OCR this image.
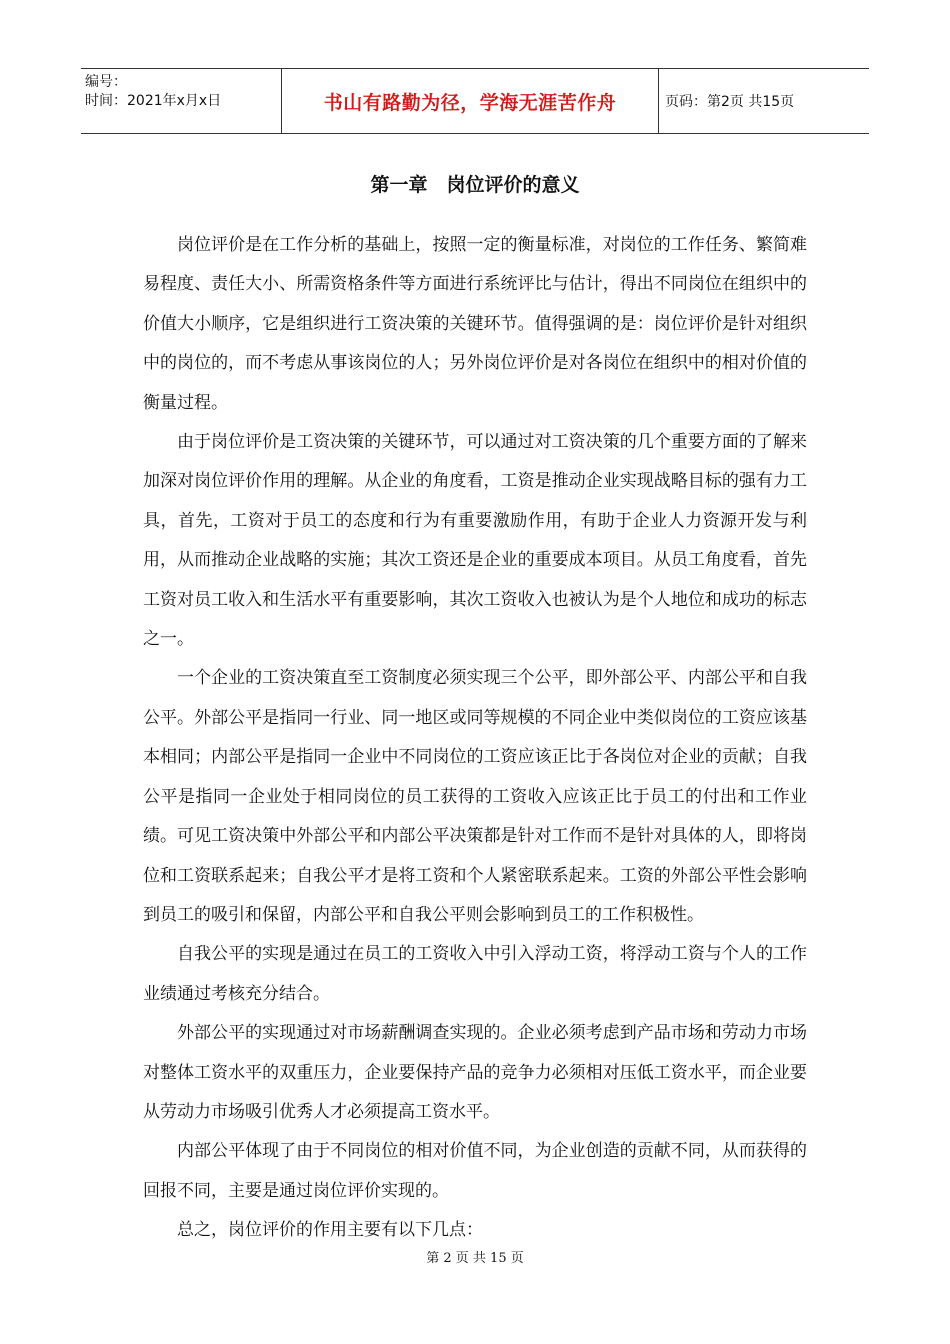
编号：
时间：2021年x月x日	书山有路勤为径，学海无涯苦作舟	页码：第2页 共15页
第一章　岗位评价的意义

岗位评价是在工作分析的基础上，按照一定的衡量标准，对岗位的工作任务、繁简难易程度、责任大小、所需资格条件等方面进行系统评比与估计，得出不同岗位在组织中的价值大小顺序，它是组织进行工资决策的关键环节。值得强调的是：岗位评价是针对组织中的岗位的，而不考虑从事该岗位的人；另外岗位评价是对各岗位在组织中的相对价值的衡量过程。

由于岗位评价是工资决策的关键环节，可以通过对工资决策的几个重要方面的了解来加深对岗位评价作用的理解。从企业的角度看，工资是推动企业实现战略目标的强有力工具，首先，工资对于员工的态度和行为有重要激励作用，有助于企业人力资源开发与利用，从而推动企业战略的实施；其次工资还是企业的重要成本项目。从员工角度看，首先工资对员工收入和生活水平有重要影响，其次工资收入也被认为是个人地位和成功的标志之一。

一个企业的工资决策直至工资制度必须实现三个公平，即外部公平、内部公平和自我公平。外部公平是指同一行业、同一地区或同等规模的不同企业中类似岗位的工资应该基本相同；内部公平是指同一企业中不同岗位的工资应该正比于各岗位对企业的贡献；自我公平是指同一企业处于相同岗位的员工获得的工资收入应该正比于员工的付出和工作业绩。可见工资决策中外部公平和内部公平决策都是针对工作而不是针对具体的人，即将岗位和工资联系起来；自我公平才是将工资和个人紧密联系起来。工资的外部公平性会影响到员工的吸引和保留，内部公平和自我公平则会影响到员工的工作积极性。

自我公平的实现是通过在员工的工资收入中引入浮动工资，将浮动工资与个人的工作业绩通过考核充分结合。

外部公平的实现通过对市场薪酬调查实现的。企业必须考虑到产品市场和劳动力市场对整体工资水平的双重压力，企业要保持产品的竞争力必须相对压低工资水平，而企业要从劳动力市场吸引优秀人才必须提高工资水平。

内部公平体现了由于不同岗位的相对价值不同，为企业创造的贡献不同，从而获得的回报不同，主要是通过岗位评价实现的。

总之，岗位评价的作用主要有以下几点：

第 2 页 共 15 页
